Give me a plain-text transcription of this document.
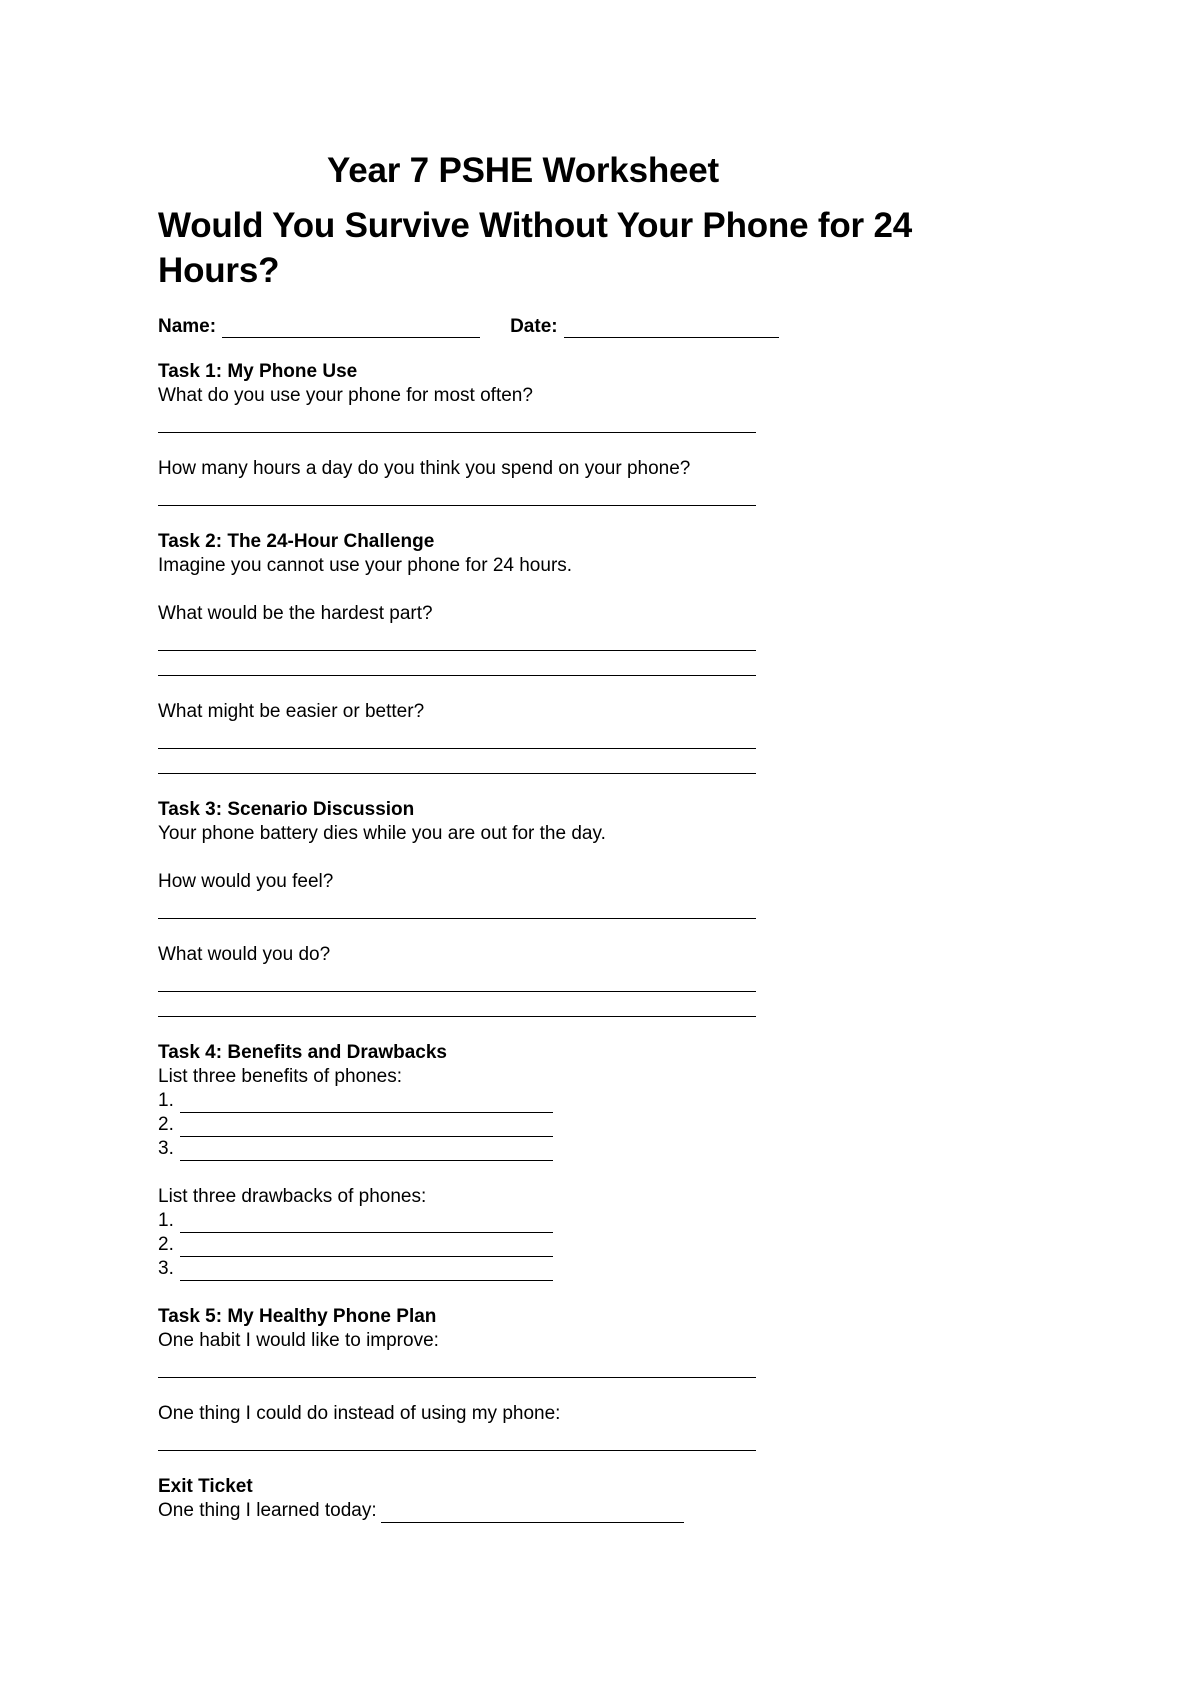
Year 7 PSHE Worksheet
Would You Survive Without Your Phone for 24 Hours?
Name:	Date:

Task 1: My Phone Use

What do you use your phone for most often?

How many hours a day do you think you spend on your phone?

Task 2: The 24-Hour Challenge

Imagine you cannot use your phone for 24 hours.

What would be the hardest part?

What might be easier or better?

Task 3: Scenario Discussion

Your phone battery dies while you are out for the day.

How would you feel?

What would you do?

Task 4: Benefits and Drawbacks

List three benefits of phones:

1.
2.
3.

List three drawbacks of phones:

1.
2.
3.

Task 5: My Healthy Phone Plan

One habit I would like to improve:

One thing I could do instead of using my phone:

Exit Ticket

One thing I learned today:
